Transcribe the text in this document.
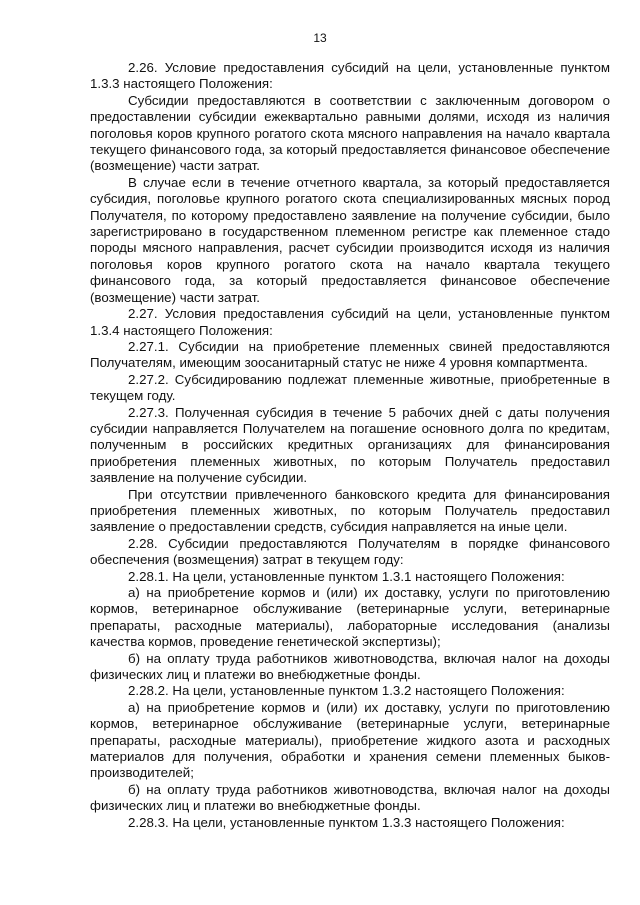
13

2.26. Условие предоставления субсидий на цели, установленные пунктом 1.3.3 настоящего Положения:

Субсидии предоставляются в соответствии с заключенным договором о предоставлении субсидии ежеквартально равными долями, исходя из наличия поголовья коров крупного рогатого скота мясного направления на начало квартала текущего финансового года, за который предоставляется финансовое обеспечение (возмещение) части затрат.

В случае если в течение отчетного квартала, за который предоставляется субсидия, поголовье крупного рогатого скота специализированных мясных пород Получателя, по которому предоставлено заявление на получение субсидии, было зарегистрировано в государственном племенном регистре как племенное стадо породы мясного направления, расчет субсидии производится исходя из наличия поголовья коров крупного рогатого скота на начало квартала текущего финансового года, за который предоставляется финансовое обеспечение (возмещение) части затрат.

2.27. Условия предоставления субсидий на цели, установленные пунктом 1.3.4 настоящего Положения:

2.27.1. Субсидии на приобретение племенных свиней предоставляются Получателям, имеющим зоосанитарный статус не ниже 4 уровня компартмента.

2.27.2. Субсидированию подлежат племенные животные, приобретенные в текущем году.

2.27.3. Полученная субсидия в течение 5 рабочих дней с даты получения субсидии направляется Получателем на погашение основного долга по кредитам, полученным в российских кредитных организациях для финансирования приобретения племенных животных, по которым Получатель предоставил заявление на получение субсидии.

При отсутствии привлеченного банковского кредита для финансирования приобретения племенных животных, по которым Получатель предоставил заявление о предоставлении средств, субсидия направляется на иные цели.

2.28. Субсидии предоставляются Получателям в порядке финансового обеспечения (возмещения) затрат в текущем году:

2.28.1. На цели, установленные пунктом 1.3.1 настоящего Положения:

а) на приобретение кормов и (или) их доставку, услуги по приготовлению кормов, ветеринарное обслуживание (ветеринарные услуги, ветеринарные препараты, расходные материалы), лабораторные исследования (анализы качества кормов, проведение генетической экспертизы);

б) на оплату труда работников животноводства, включая налог на доходы физических лиц и платежи во внебюджетные фонды.

2.28.2. На цели, установленные пунктом 1.3.2 настоящего Положения:

а) на приобретение кормов и (или) их доставку, услуги по приготовлению кормов, ветеринарное обслуживание (ветеринарные услуги, ветеринарные препараты, расходные материалы), приобретение жидкого азота и расходных материалов для получения, обработки и хранения семени племенных быков-производителей;

б) на оплату труда работников животноводства, включая налог на доходы физических лиц и платежи во внебюджетные фонды.

2.28.3. На цели, установленные пунктом 1.3.3 настоящего Положения:
